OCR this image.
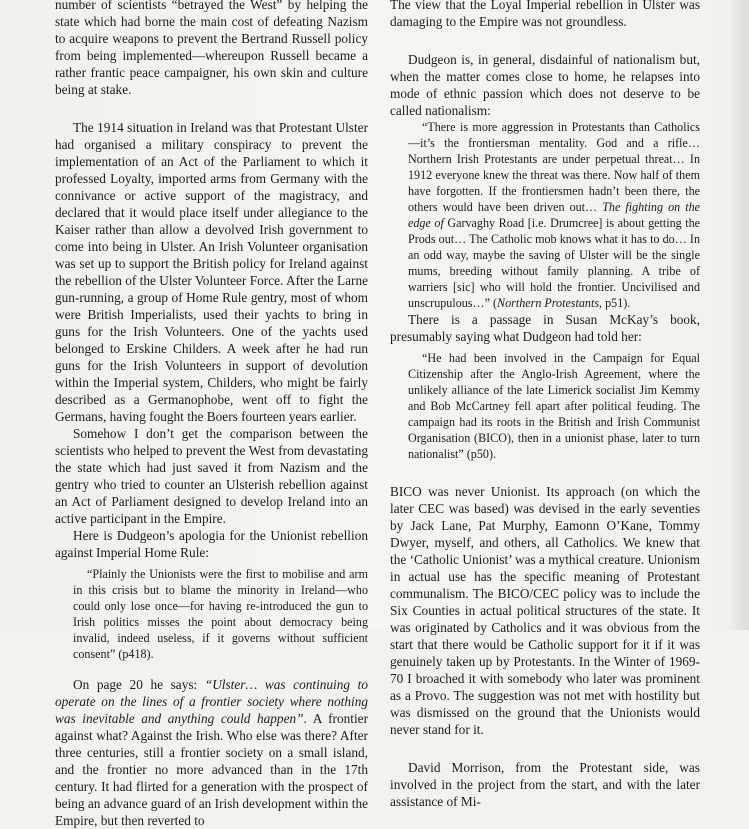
number of scientists “betrayed the West” by helping the state which had borne the main cost of defeating Nazism to acquire weapons to prevent the Bertrand Russell policy from being implemented—whereupon Russell became a rather frantic peace campaigner, his own skin and culture being at stake.

The 1914 situation in Ireland was that Protestant Ulster had organised a military conspiracy to prevent the implementation of an Act of the Parliament to which it professed Loyalty, imported arms from Germany with the connivance or active support of the magistracy, and declared that it would place itself under allegiance to the Kaiser rather than allow a devolved Irish government to come into being in Ulster. An Irish Volunteer organisation was set up to support the British policy for Ireland against the rebellion of the Ulster Volunteer Force. After the Larne gun-running, a group of Home Rule gentry, most of whom were British Imperialists, used their yachts to bring in guns for the Irish Volunteers. One of the yachts used belonged to Erskine Childers. A week after he had run guns for the Irish Volunteers in support of devolution within the Imperial system, Childers, who might be fairly described as a Germanophobe, went off to fight the Germans, having fought the Boers fourteen years earlier.

Somehow I don’t get the comparison between the scientists who helped to prevent the West from devastating the state which had just saved it from Nazism and the gentry who tried to counter an Ulsterish rebellion against an Act of Parliament designed to develop Ireland into an active participant in the Empire.

Here is Dudgeon’s apologia for the Unionist rebellion against Imperial Home Rule:

“Plainly the Unionists were the first to mobilise and arm in this crisis but to blame the minority in Ireland—who could only lose once—for having re-introduced the gun to Irish politics misses the point about democracy being invalid, indeed useless, if it governs without sufficient consent” (p418).

On page 20 he says: “Ulster… was continuing to operate on the lines of a frontier society where nothing was inevitable and anything could happen”. A frontier against what? Against the Irish. Who else was there? After three centuries, still a frontier society on a small island, and the frontier no more advanced than in the 17th century. It had flirted for a generation with the prospect of being an advance guard of an Irish development within the Empire, but then reverted to

The view that the Loyal Imperial rebellion in Ulster was damaging to the Empire was not groundless.

Dudgeon is, in general, disdainful of nationalism but, when the matter comes close to home, he relapses into mode of ethnic passion which does not deserve to be called nationalism:

“There is more aggression in Protestants than Catholics—it’s the frontiersman mentality. God and a rifle… Northern Irish Protestants are under perpetual threat… In 1912 everyone knew the threat was there. Now half of them have forgotten. If the frontiersmen hadn’t been there, the others would have been driven out… The fighting on the edge of Garvaghy Road [i.e. Drumcree] is about getting the Prods out… The Catholic mob knows what it has to do… In an odd way, maybe the saving of Ulster will be the single mums, breeding without family planning. A tribe of warriers [sic] who will hold the frontier. Uncivilised and unscrupulous…” (Northern Protestants, p51).

There is a passage in Susan McKay’s book, presumably saying what Dudgeon had told her:

“He had been involved in the Campaign for Equal Citizenship after the Anglo-Irish Agreement, where the unlikely alliance of the late Limerick socialist Jim Kemmy and Bob McCartney fell apart after political feuding. The campaign had its roots in the British and Irish Communist Organisation (BICO), then in a unionist phase, later to turn nationalist” (p50).

BICO was never Unionist. Its approach (on which the later CEC was based) was devised in the early seventies by Jack Lane, Pat Murphy, Eamonn O’Kane, Tommy Dwyer, myself, and others, all Catholics. We knew that the ‘Catholic Unionist’ was a mythical creature. Unionism in actual use has the specific meaning of Protestant communalism. The BICO/CEC policy was to include the Six Counties in actual political structures of the state. It was originated by Catholics and it was obvious from the start that there would be Catholic support for it if it was genuinely taken up by Protestants. In the Winter of 1969-70 I broached it with somebody who later was prominent as a Provo. The suggestion was not met with hostility but was dismissed on the ground that the Unionists would never stand for it.

David Morrison, from the Protestant side, was involved in the project from the start, and with the later assistance of Mi-
